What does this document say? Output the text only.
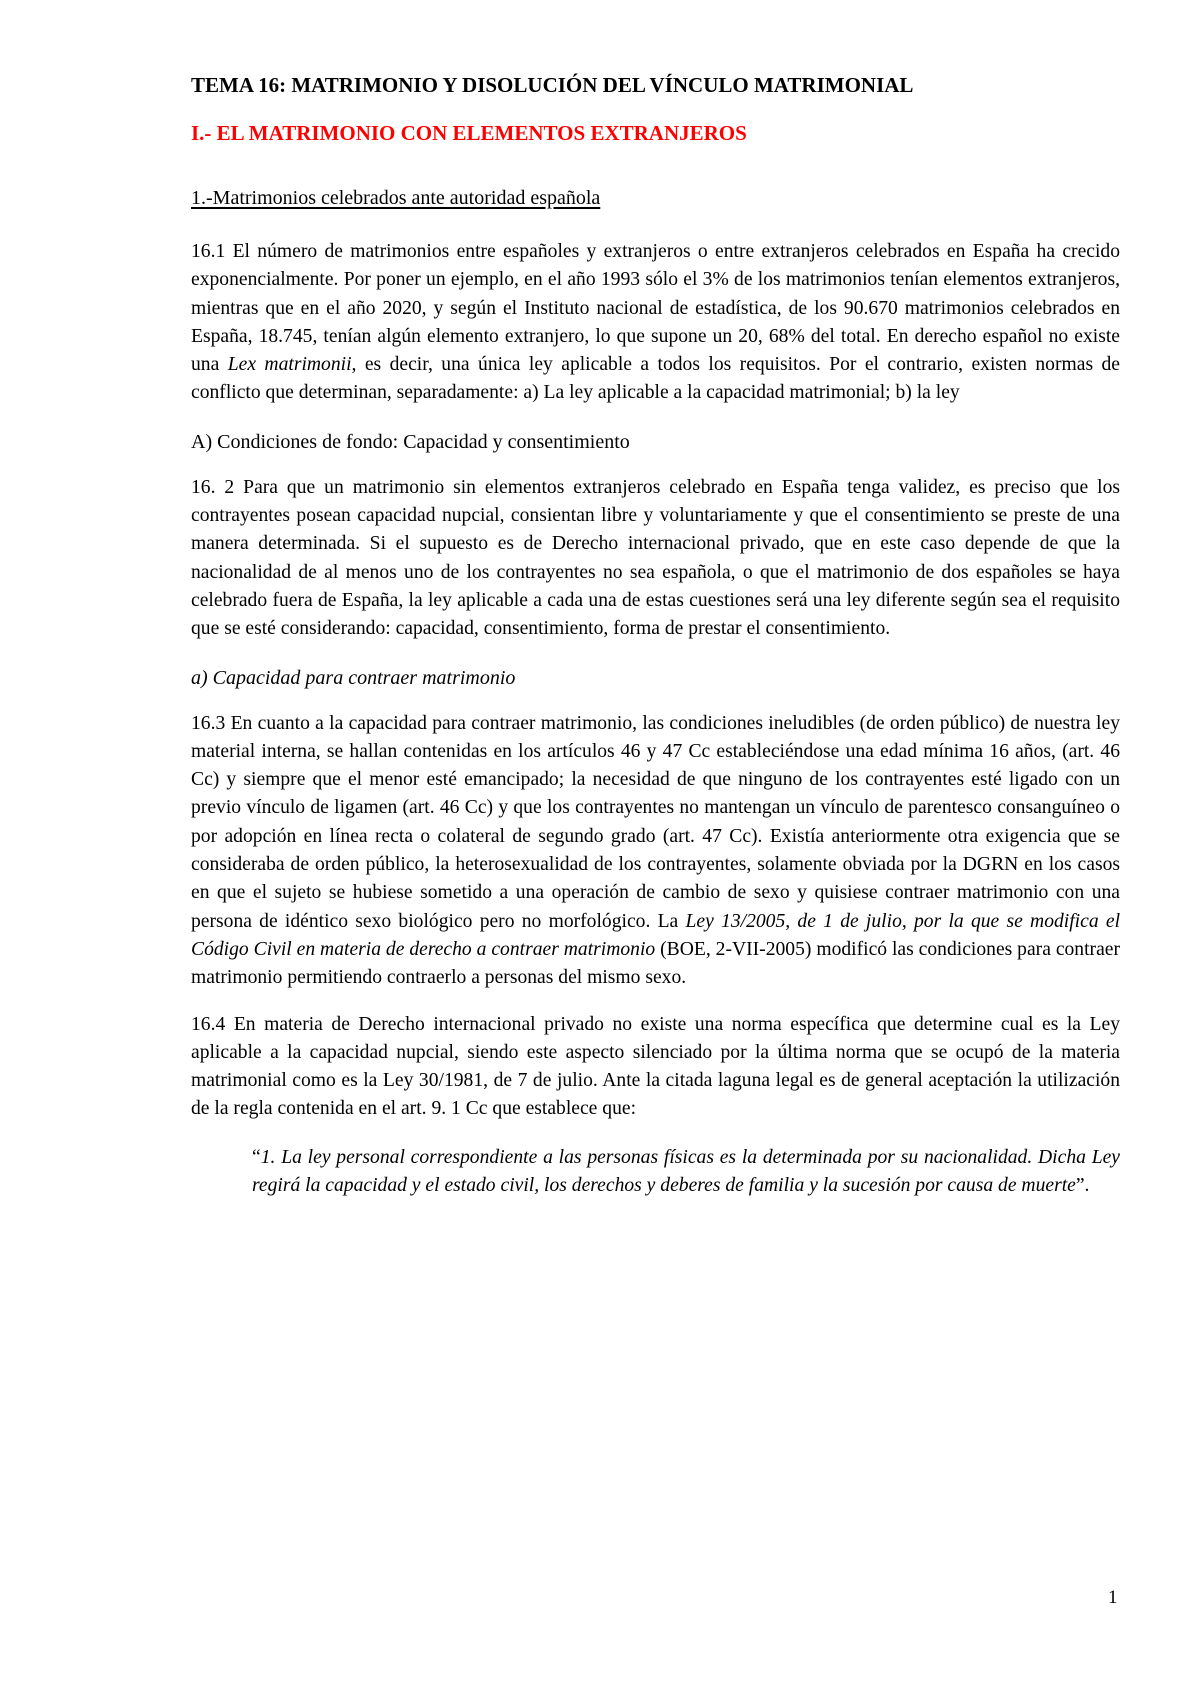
TEMA 16: MATRIMONIO Y DISOLUCIÓN DEL VÍNCULO MATRIMONIAL

I.- EL MATRIMONIO CON ELEMENTOS EXTRANJEROS

1.-Matrimonios celebrados ante autoridad española

16.1 El número de matrimonios entre españoles y extranjeros o entre extranjeros celebrados en España ha crecido exponencialmente. Por poner un ejemplo, en el año 1993 sólo el 3% de los matrimonios tenían elementos extranjeros, mientras que en el año 2020, y según el Instituto nacional de estadística, de los 90.670 matrimonios celebrados en España, 18.745, tenían algún elemento extranjero, lo que supone un 20, 68% del total. En derecho español no existe una Lex matrimonii, es decir, una única ley aplicable a todos los requisitos. Por el contrario, existen normas de conflicto que determinan, separadamente: a) La ley aplicable a la capacidad matrimonial; b) la ley

A) Condiciones de fondo: Capacidad y consentimiento

16. 2 Para que un matrimonio sin elementos extranjeros celebrado en España tenga validez, es preciso que los contrayentes posean capacidad nupcial, consientan libre y voluntariamente y que el consentimiento se preste de una manera determinada. Si el supuesto es de Derecho internacional privado, que en este caso depende de que la nacionalidad de al menos uno de los contrayentes no sea española, o que el matrimonio de dos españoles se haya celebrado fuera de España, la ley aplicable a cada una de estas cuestiones será una ley diferente según sea el requisito que se esté considerando: capacidad, consentimiento, forma de prestar el consentimiento.

a) Capacidad para contraer matrimonio

16.3 En cuanto a la capacidad para contraer matrimonio, las condiciones ineludibles (de orden público) de nuestra ley material interna, se hallan contenidas en los artículos 46 y 47 Cc estableciéndose una edad mínima 16 años, (art. 46 Cc) y siempre que el menor esté emancipado; la necesidad de que ninguno de los contrayentes esté ligado con un previo vínculo de ligamen (art. 46 Cc) y que los contrayentes no mantengan un vínculo de parentesco consanguíneo o por adopción en línea recta o colateral de segundo grado (art. 47 Cc). Existía anteriormente otra exigencia que se consideraba de orden público, la heterosexualidad de los contrayentes, solamente obviada por la DGRN en los casos en que el sujeto se hubiese sometido a una operación de cambio de sexo y quisiese contraer matrimonio con una persona de idéntico sexo biológico pero no morfológico. La Ley 13/2005, de 1 de julio, por la que se modifica el Código Civil en materia de derecho a contraer matrimonio (BOE, 2-VII-2005) modificó las condiciones para contraer matrimonio permitiendo contraerlo a personas del mismo sexo.

16.4 En materia de Derecho internacional privado no existe una norma específica que determine cual es la Ley aplicable a la capacidad nupcial, siendo este aspecto silenciado por la última norma que se ocupó de la materia matrimonial como es la Ley 30/1981, de 7 de julio. Ante la citada laguna legal es de general aceptación la utilización de la regla contenida en el art. 9. 1 Cc que establece que:

“1. La ley personal correspondiente a las personas físicas es la determinada por su nacionalidad. Dicha Ley regirá la capacidad y el estado civil, los derechos y deberes de familia y la sucesión por causa de muerte”.

1
